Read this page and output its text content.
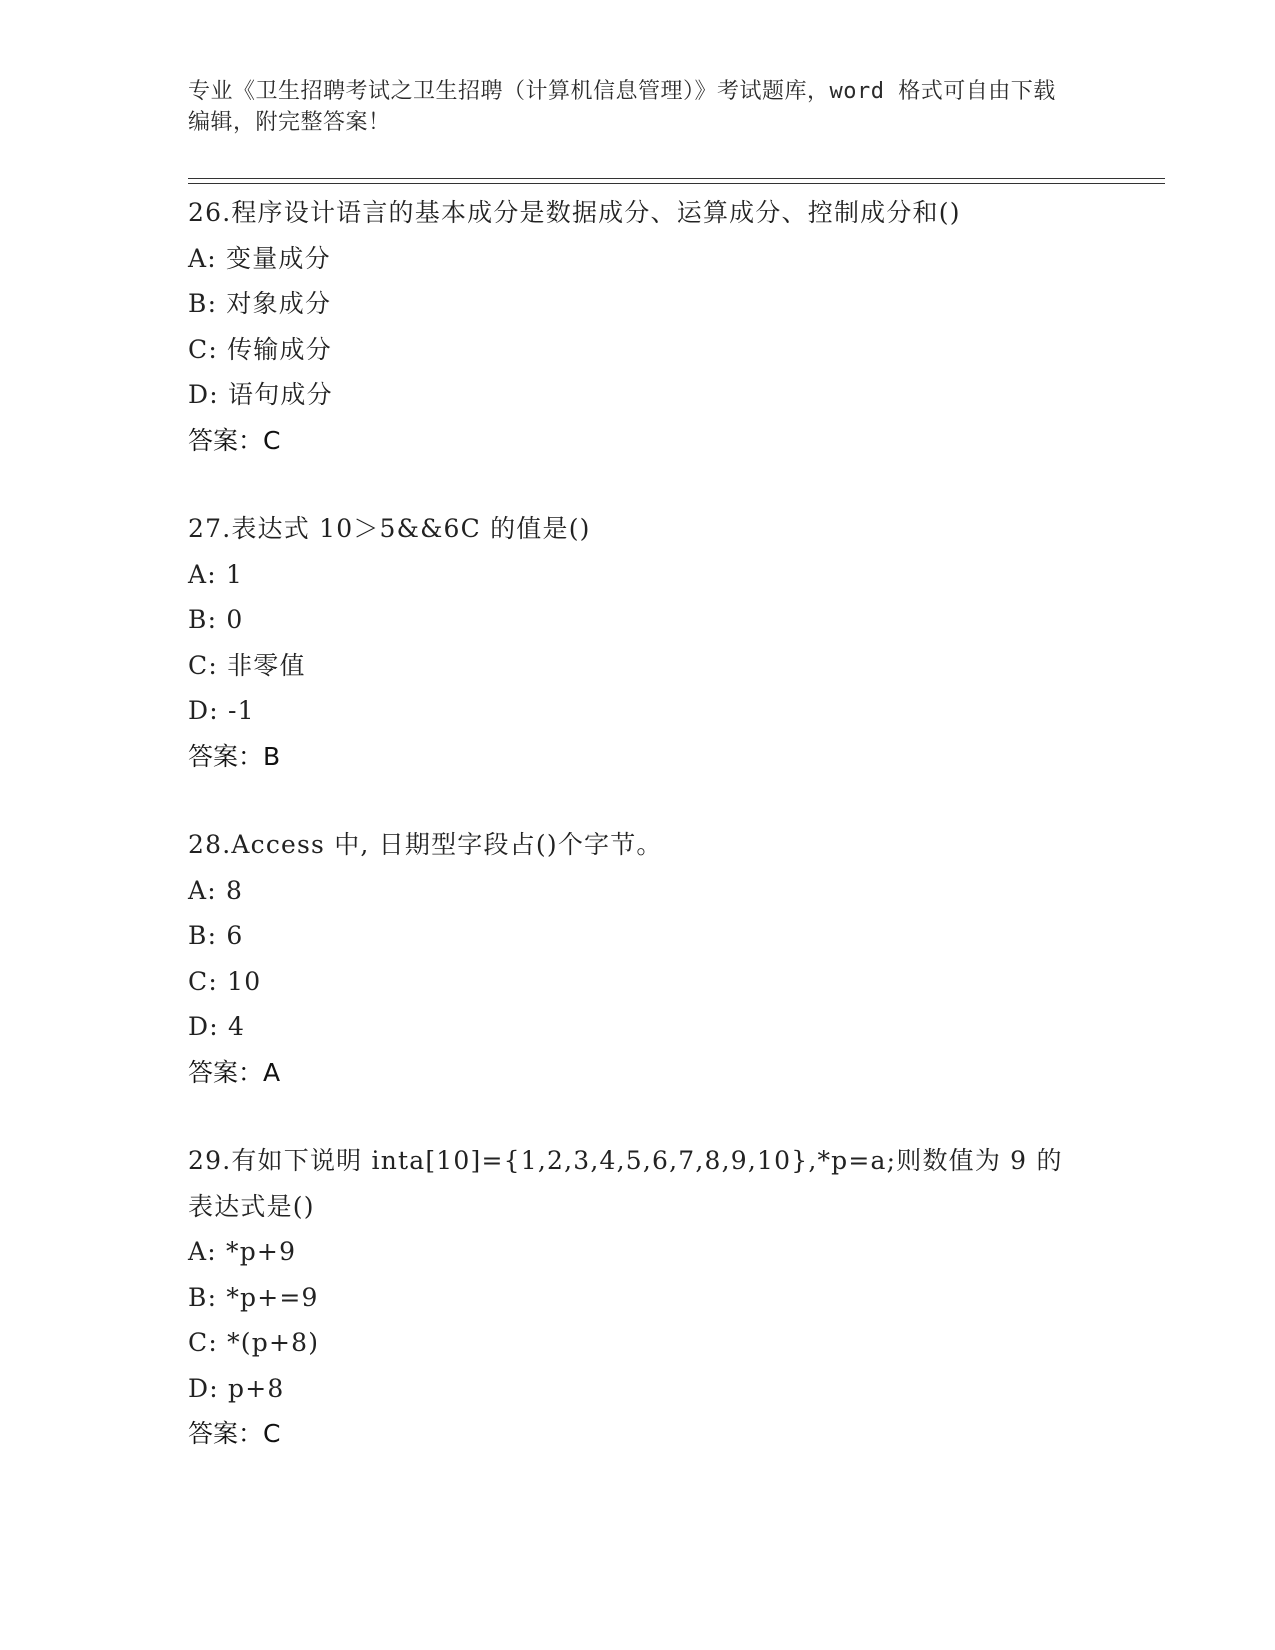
专业《卫生招聘考试之卫生招聘（计算机信息管理）》考试题库，word 格式可自由下载编辑，附完整答案！
26.程序设计语言的基本成分是数据成分、运算成分、控制成分和()
A: 变量成分
B: 对象成分
C: 传输成分
D: 语句成分
答案：C
27.表达式 10＞5&&6C 的值是()
A: 1
B: 0
C: 非零值
D: -1
答案：B
28.Access 中, 日期型字段占()个字节。
A: 8
B: 6
C: 10
D: 4
答案：A
29.有如下说明 inta[10]={1,2,3,4,5,6,7,8,9,10},*p=a;则数值为 9 的表达式是()
A: *p+9
B: *p+=9
C: *(p+8)
D: p+8
答案：C
